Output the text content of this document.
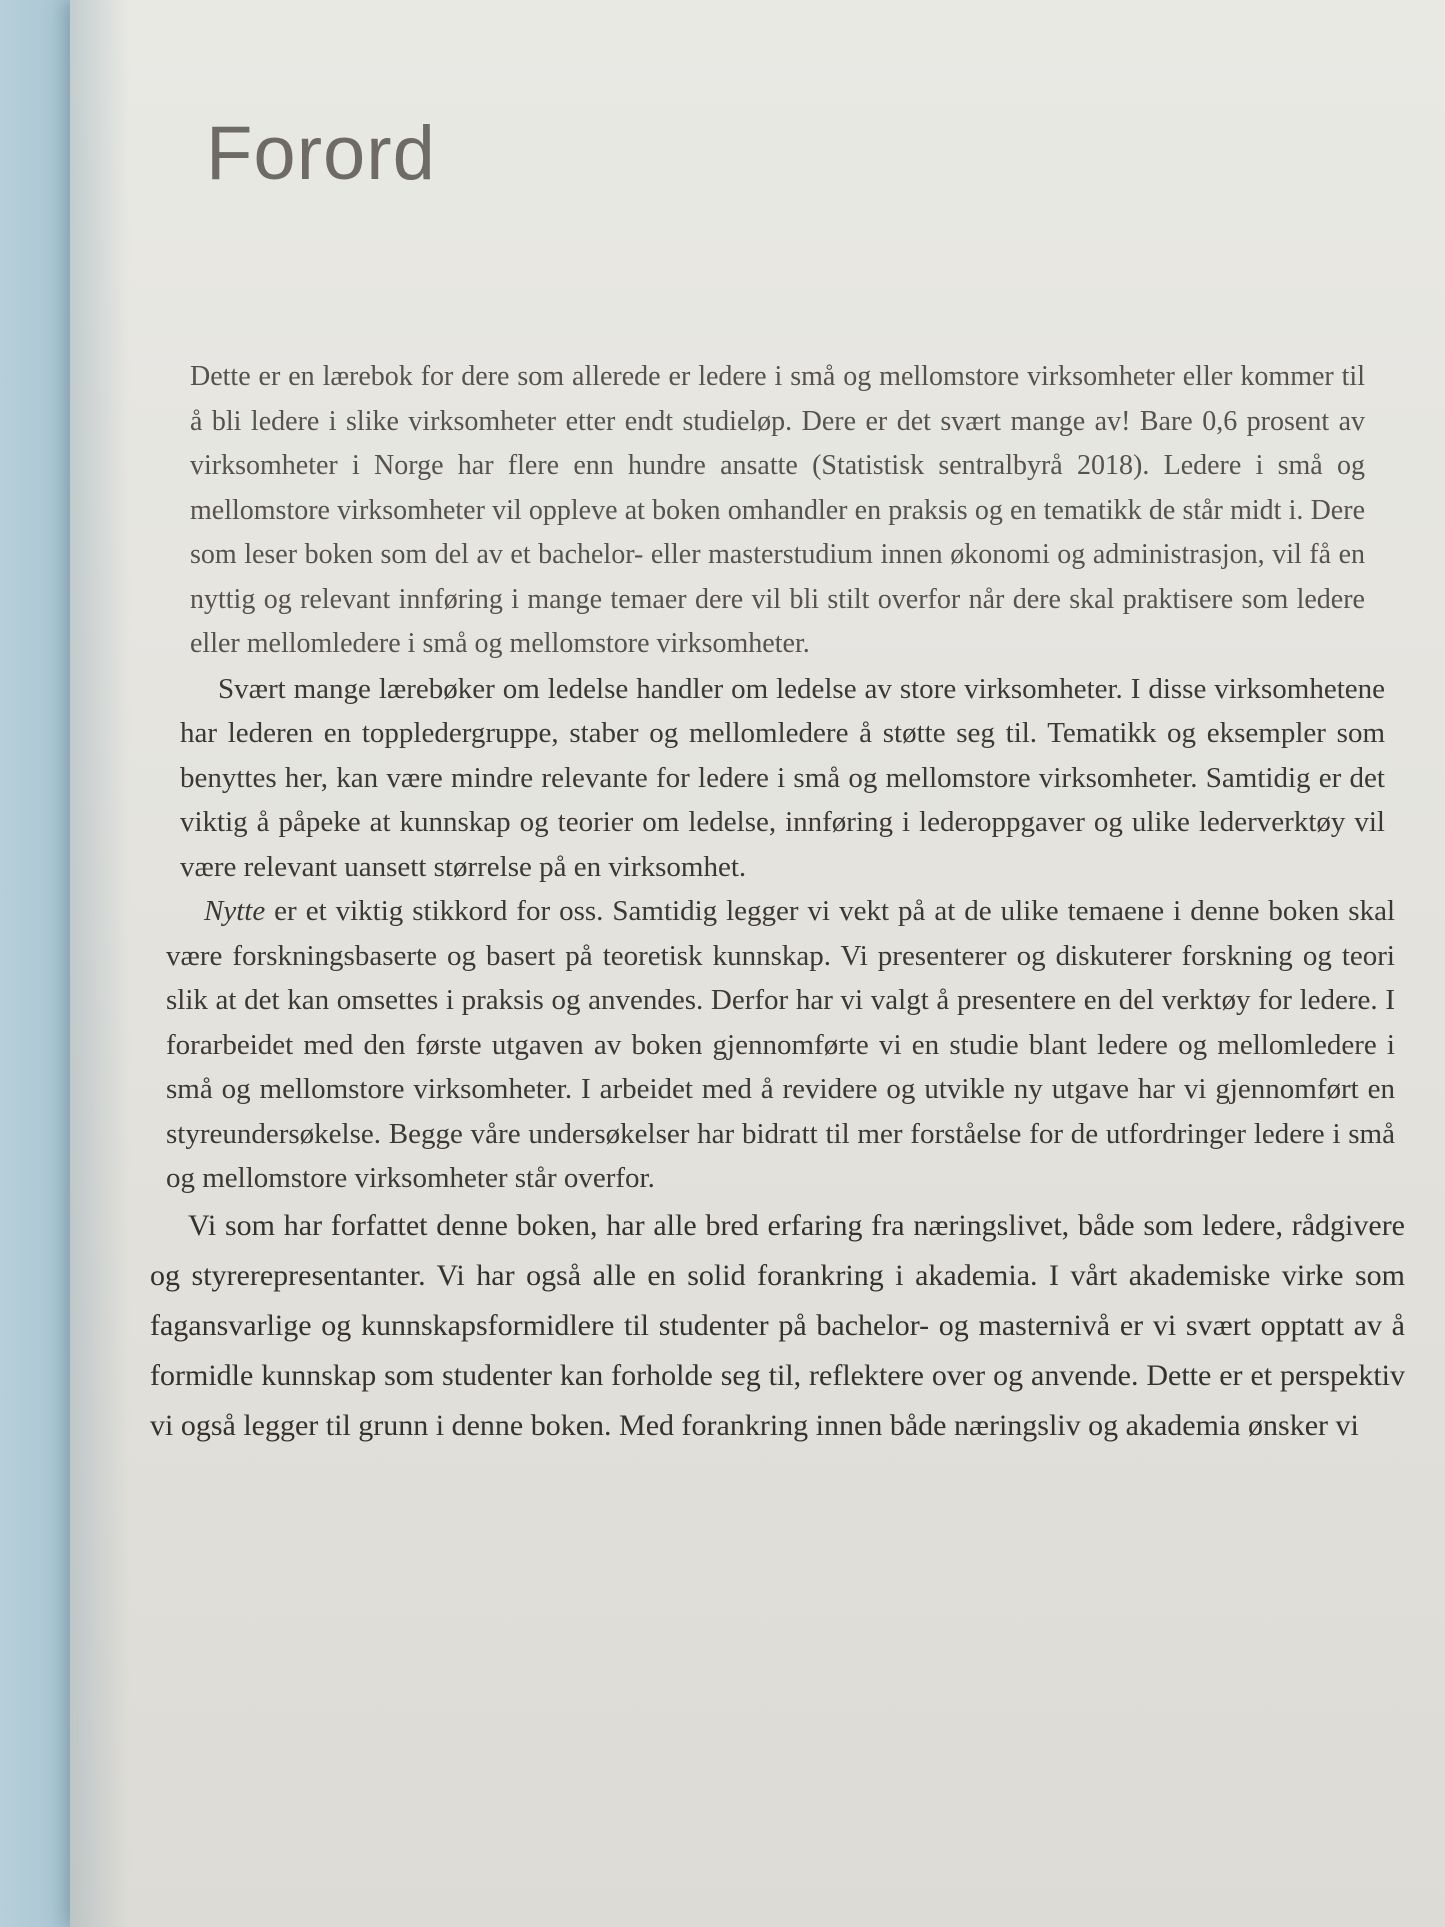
Forord

Dette er en lærebok for dere som allerede er ledere i små og mellomstore virksomheter eller kommer til å bli ledere i slike virksomheter etter endt studieløp. Dere er det svært mange av! Bare 0,6 prosent av virksomheter i Norge har flere enn hundre ansatte (Statistisk sentralbyrå 2018). Ledere i små og mellomstore virksomheter vil oppleve at boken omhandler en praksis og en tematikk de står midt i. Dere som leser boken som del av et bachelor- eller masterstudium innen økonomi og administrasjon, vil få en nyttig og relevant innføring i mange temaer dere vil bli stilt overfor når dere skal praktisere som ledere eller mellomledere i små og mellomstore virksomheter.

Svært mange lærebøker om ledelse handler om ledelse av store virksomheter. I disse virksomhetene har lederen en toppledergruppe, staber og mellomledere å støtte seg til. Tematikk og eksempler som benyttes her, kan være mindre relevante for ledere i små og mellomstore virksomheter. Samtidig er det viktig å påpeke at kunnskap og teorier om ledelse, innføring i lederoppgaver og ulike lederverktøy vil være relevant uansett størrelse på en virksomhet.

Nytte er et viktig stikkord for oss. Samtidig legger vi vekt på at de ulike temaene i denne boken skal være forskningsbaserte og basert på teoretisk kunnskap. Vi presenterer og diskuterer forskning og teori slik at det kan omsettes i praksis og anvendes. Derfor har vi valgt å presentere en del verktøy for ledere. I forarbeidet med den første utgaven av boken gjennomførte vi en studie blant ledere og mellomledere i små og mellomstore virksomheter. I arbeidet med å revidere og utvikle ny utgave har vi gjennomført en styreundersøkelse. Begge våre undersøkelser har bidratt til mer forståelse for de utfordringer ledere i små og mellomstore virksomheter står overfor.

Vi som har forfattet denne boken, har alle bred erfaring fra næringslivet, både som ledere, rådgivere og styrerepresentanter. Vi har også alle en solid forankring i akademia. I vårt akademiske virke som fagansvarlige og kunnskapsformidlere til studenter på bachelor- og masternivå er vi svært opptatt av å formidle kunnskap som studenter kan forholde seg til, reflektere over og anvende. Dette er et perspektiv vi også legger til grunn i denne boken. Med forankring innen både næringsliv og akademia ønsker vi
